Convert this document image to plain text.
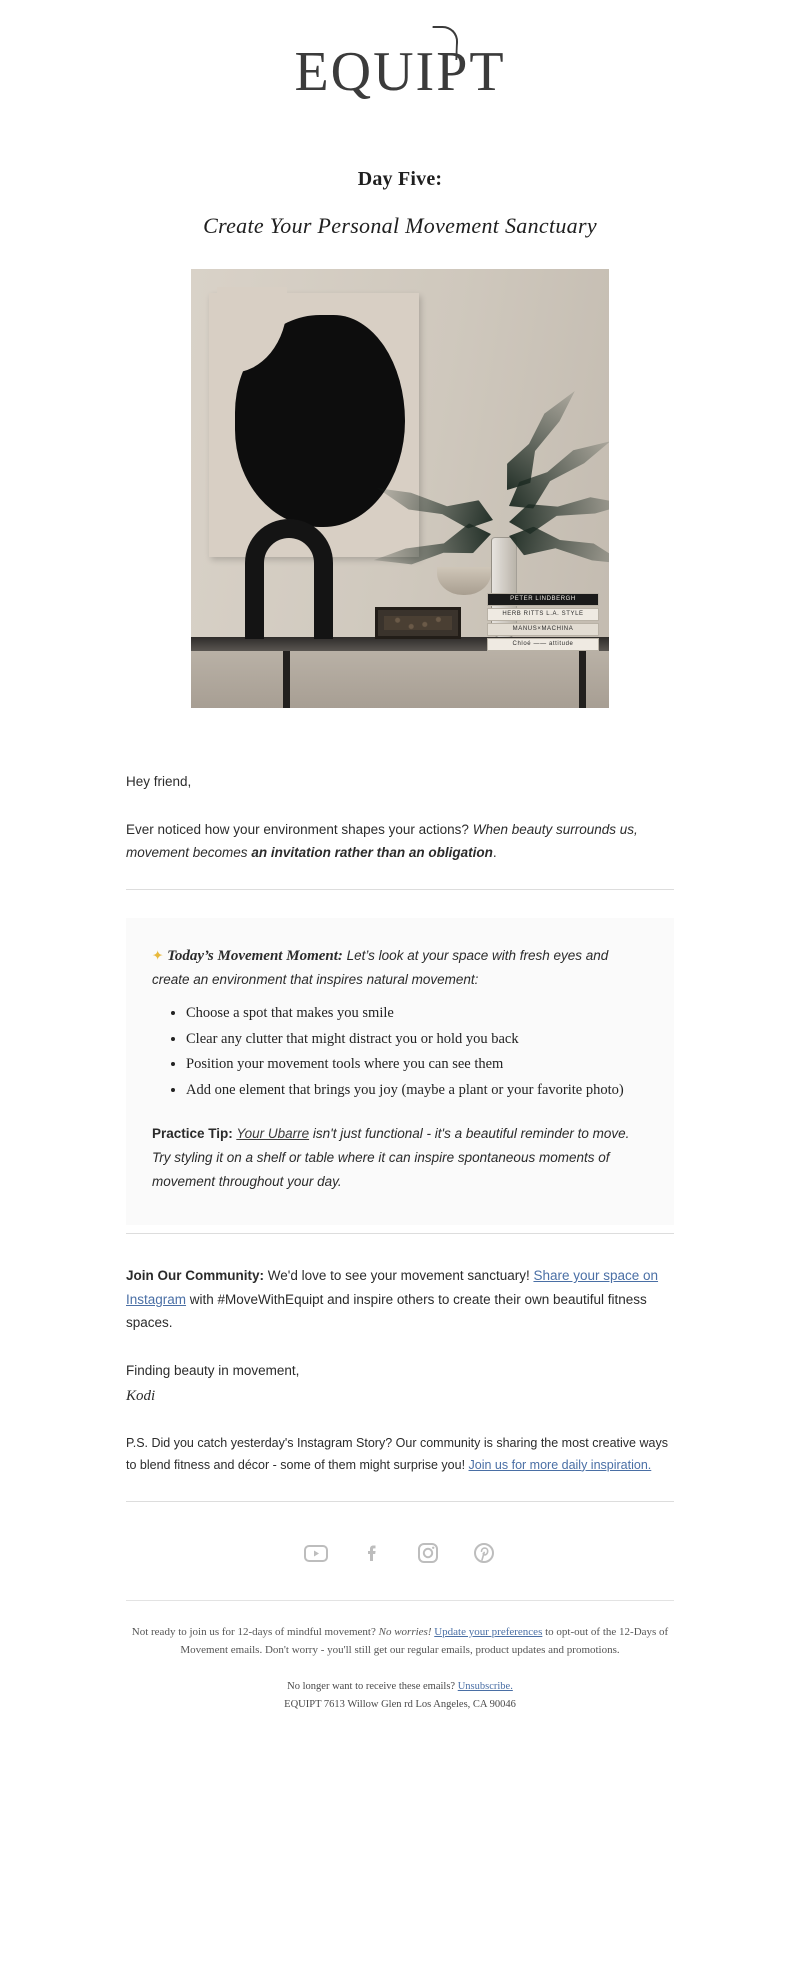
EQUIPT
Day Five:
Create Your Personal Movement Sanctuary
PETER LINDBERGH
HERB RITTS L.A. STYLE
MANUS×MACHINA
Chloé —— attitude

Hey friend,

Ever noticed how your environment shapes your actions? When beauty surrounds us, movement becomes an invitation rather than an obligation.

✦ Today’s Movement Moment: Let’s look at your space with fresh eyes and create an environment that inspires natural movement:

• Choose a spot that makes you smile
• Clear any clutter that might distract you or hold you back
• Position your movement tools where you can see them
• Add one element that brings you joy (maybe a plant or your favorite photo)

Practice Tip: Your Ubarre isn't just functional - it's a beautiful reminder to move. Try styling it on a shelf or table where it can inspire spontaneous moments of movement throughout your day.

Join Our Community: We'd love to see your movement sanctuary! Share your space on Instagram with #MoveWithEquipt and inspire others to create their own beautiful fitness spaces.

Finding beauty in movement,
Kodi

P.S. Did you catch yesterday's Instagram Story? Our community is sharing the most creative ways to blend fitness and décor - some of them might surprise you! Join us for more daily inspiration.

Not ready to join us for 12-days of mindful movement? No worries! Update your preferences to opt-out of the 12-Days of Movement emails. Don't worry - you'll still get our regular emails, product updates and promotions.
No longer want to receive these emails? Unsubscribe.
EQUIPT 7613 Willow Glen rd Los Angeles, CA 90046
